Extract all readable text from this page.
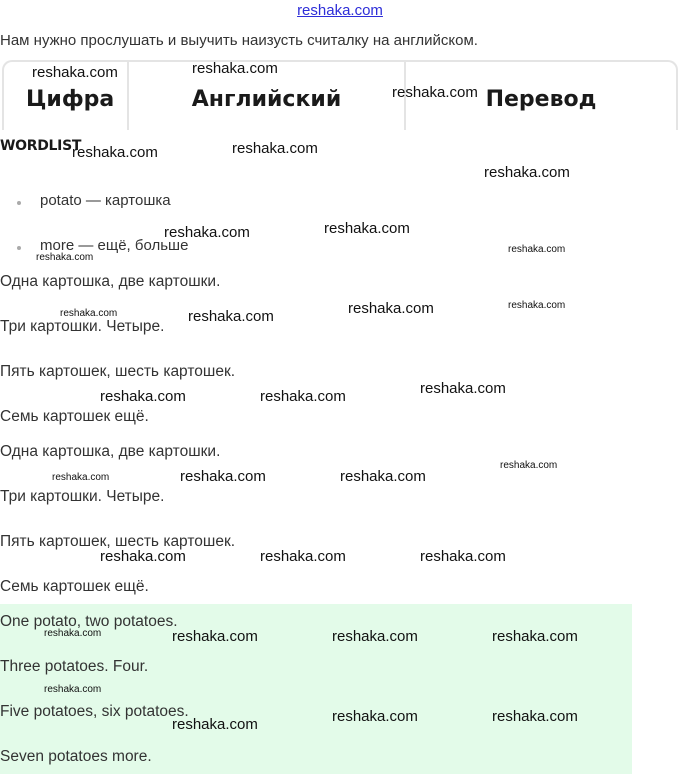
reshaka.com
Нам нужно прослушать и выучить наизусть считалку на английском.
Цифра	Английский	Перевод
WORDLIST
potato — картошка
more — ещё, больше
Одна картошка, две картошки.
Три картошки. Четыре.
Пять картошек, шесть картошек.
Семь картошек ещё.
Одна картошка, две картошки.
Три картошки. Четыре.
Пять картошек, шесть картошек.
Семь картошек ещё.
One potato, two potatoes.
Three potatoes. Four.
Five potatoes, six potatoes.
Seven potatoes more.
reshaka.com	reshaka.com
reshaka.com
reshaka.com	reshaka.com
reshaka.com
reshaka.com	reshaka.com
reshaka.com
reshaka.com
reshaka.com	reshaka.com	reshaka.com	reshaka.com
reshaka.com	reshaka.com	reshaka.com
reshaka.com	reshaka.com	reshaka.com
reshaka.com
reshaka.com	reshaka.com	reshaka.com
reshaka.com	reshaka.com	reshaka.com	reshaka.com
reshaka.com
reshaka.com	reshaka.com	reshaka.com
